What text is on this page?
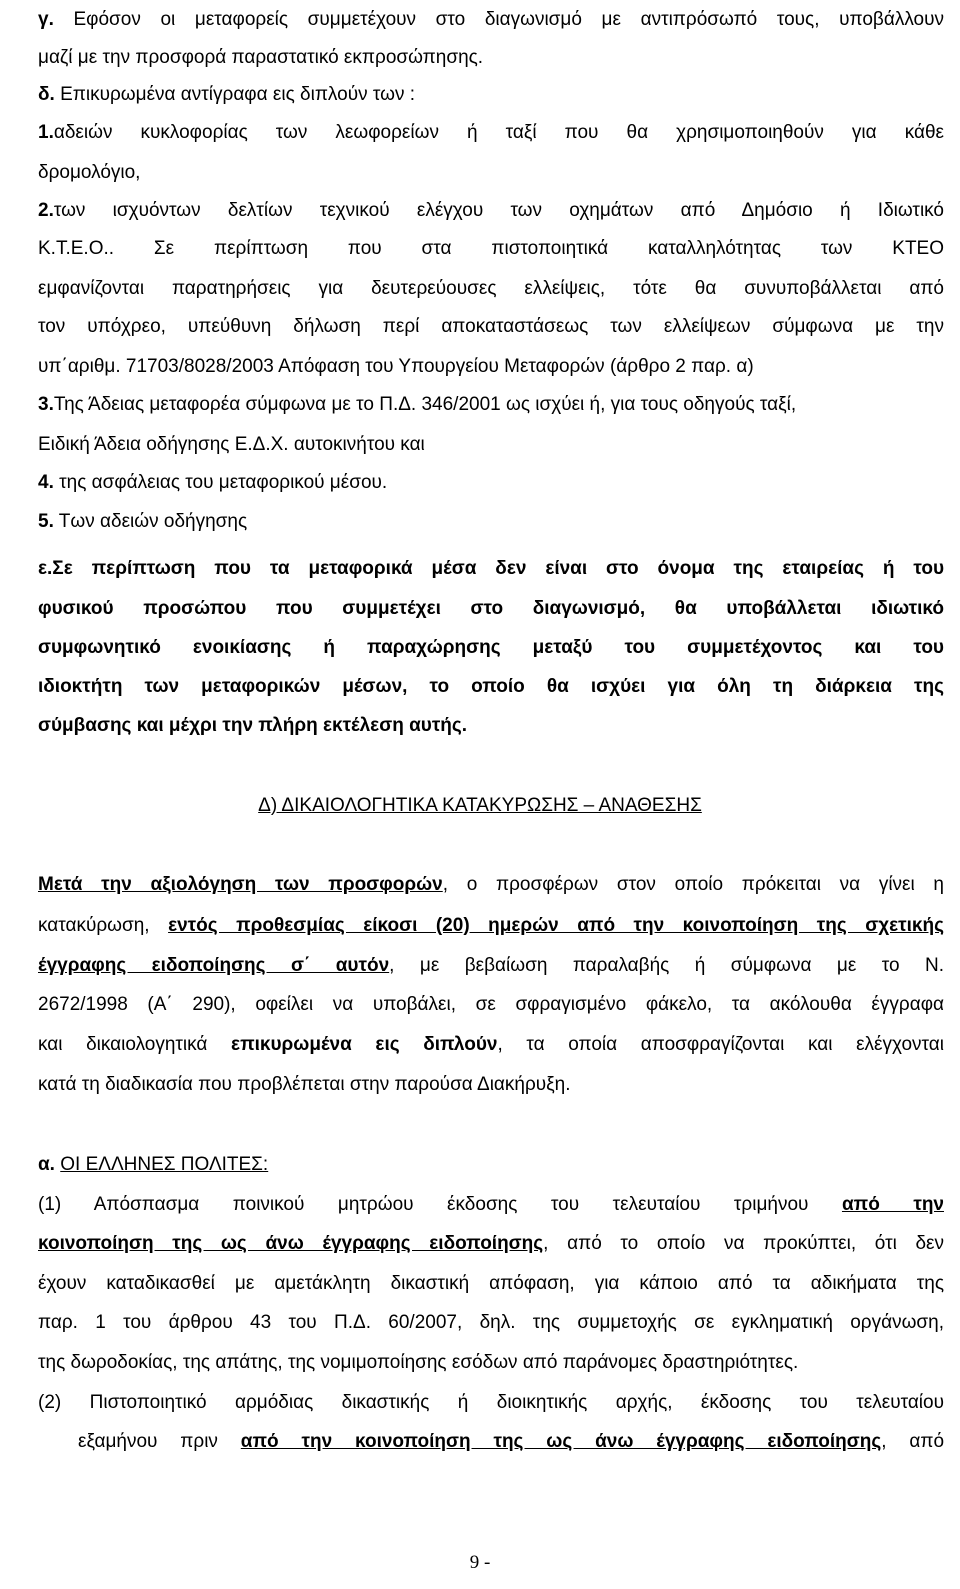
γ. Εφόσον οι μεταφορείς συμμετέχουν στο διαγωνισμό με αντιπρόσωπό τους, υποβάλλουν
μαζί με την προσφορά παραστατικό εκπροσώπησης.
δ. Επικυρωμένα αντίγραφα εις διπλούν των :
1.αδειών κυκλοφορίας των λεωφορείων ή ταξί που θα χρησιμοποιηθούν για κάθε
δρομολόγιο,
2.των ισχυόντων δελτίων τεχνικού ελέγχου των οχημάτων από Δημόσιο ή Ιδιωτικό
Κ.Τ.Ε.Ο.. Σε περίπτωση που στα πιστοποιητικά καταλληλότητας των ΚΤΕΟ
εμφανίζονται παρατηρήσεις για δευτερεύουσες ελλείψεις, τότε θα συνυποβάλλεται από
τον υπόχρεο, υπεύθυνη δήλωση περί αποκαταστάσεως των ελλείψεων σύμφωνα με την
υπ΄αριθμ. 71703/8028/2003 Απόφαση του Υπουργείου Μεταφορών (άρθρο 2 παρ. α)
3.Της Άδειας μεταφορέα σύμφωνα με το Π.Δ. 346/2001 ως ισχύει ή, για τους οδηγούς ταξί,
Ειδική Άδεια οδήγησης Ε.Δ.Χ. αυτοκινήτου και
4. της ασφάλειας του μεταφορικού μέσου.
5. Των αδειών οδήγησης
ε.Σε περίπτωση που τα μεταφορικά μέσα δεν είναι στο όνομα της εταιρείας ή του
φυσικού προσώπου που συμμετέχει στο διαγωνισμό, θα υποβάλλεται ιδιωτικό
συμφωνητικό ενοικίασης ή παραχώρησης μεταξύ του συμμετέχοντος και του
ιδιοκτήτη των μεταφορικών μέσων, το οποίο θα ισχύει για όλη τη διάρκεια της
σύμβασης και μέχρι την πλήρη εκτέλεση αυτής.
Δ) ΔΙΚΑΙΟΛΟΓΗΤΙΚΑ ΚΑΤΑΚΥΡΩΣΗΣ – ΑΝΑΘΕΣΗΣ
Μετά την αξιολόγηση των προσφορών, ο προσφέρων στον οποίο πρόκειται να γίνει η
κατακύρωση, εντός προθεσμίας είκοσι (20) ημερών από την κοινοποίηση της σχετικής
έγγραφης ειδοποίησης σ΄ αυτόν, με βεβαίωση παραλαβής ή σύμφωνα με το Ν.
2672/1998 (Α΄ 290), οφείλει να υποβάλει, σε σφραγισμένο φάκελο, τα ακόλουθα έγγραφα
και δικαιολογητικά επικυρωμένα εις διπλούν, τα οποία αποσφραγίζονται και ελέγχονται
κατά τη διαδικασία που προβλέπεται στην παρούσα Διακήρυξη.
α. ΟΙ ΕΛΛΗΝΕΣ ΠΟΛΙΤΕΣ:
(1) Απόσπασμα ποινικού μητρώου έκδοσης του τελευταίου τριμήνου από την
κοινοποίηση της ως άνω έγγραφης ειδοποίησης, από το οποίο να προκύπτει, ότι δεν
έχουν καταδικασθεί με αμετάκλητη δικαστική απόφαση, για κάποιο από τα αδικήματα της
παρ. 1 του άρθρου 43 του Π.Δ. 60/2007, δηλ. της συμμετοχής σε εγκληματική οργάνωση,
της δωροδοκίας, της απάτης, της νομιμοποίησης εσόδων από παράνομες δραστηριότητες.
(2) Πιστοποιητικό αρμόδιας δικαστικής ή διοικητικής αρχής, έκδοσης του τελευταίου
εξαμήνου πριν από την κοινοποίηση της ως άνω έγγραφης ειδοποίησης, από
9 -
